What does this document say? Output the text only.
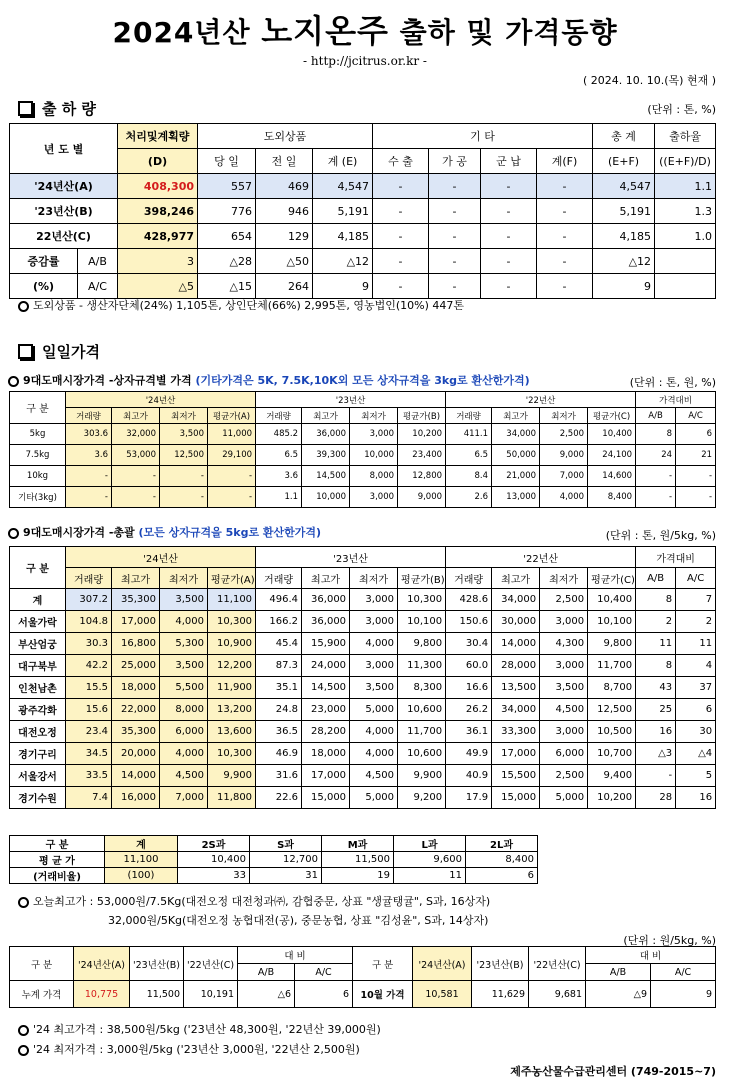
2024년산 노지온주 출하 및 가격동향
- http://jcitrus.or.kr -
( 2024. 10. 10.(목) 현재 )
출 하 량	(단위 : 톤, %)
년 도 별		처리및계획량	도외상품			기 타				총 계	출하율
		(D)	당 일	전 일	계 (E)	수 출	가 공	군 납	계(F)	(E+F)	((E+F)/D)
'24년산(A)		408,300	557	469	4,547	-	-	-	-	4,547	1.1
'23년산(B)		398,246	776	946	5,191	-	-	-	-	5,191	1.3
22년산(C)		428,977	654	129	4,185	-	-	-	-	4,185	1.0
증감률	A/B	3	△28	△50	△12	-	-	-	-	△12	
(%)	A/C	△5	△15	264	9	-	-	-	-	9	
도외상품 - 생산자단체(24%) 1,105톤, 상인단체(66%) 2,995톤, 영농법인(10%) 447톤
일일가격
9대도매시장가격 -상자규격별 가격 (기타가격은 5K, 7.5K,10K외 모든 상자규격을 3kg로 환산한가격)	(단위 : 톤, 원, %)
구 분	'24년산				'23년산				'22년산				가격대비	
	거래량	최고가	최저가	평균가(A)	거래량	최고가	최저가	평균가(B)	거래량	최고가	최저가	평균가(C)	A/B	A/C
5kg	303.6	32,000	3,500	11,000	485.2	36,000	3,000	10,200	411.1	34,000	2,500	10,400	8	6
7.5kg	3.6	53,000	12,500	29,100	6.5	39,300	10,000	23,400	6.5	50,000	9,000	24,100	24	21
10kg	-	-	-	-	3.6	14,500	8,000	12,800	8.4	21,000	7,000	14,600	-	-
기타(3kg)	-	-	-	-	1.1	10,000	3,000	9,000	2.6	13,000	4,000	8,400	-	-
9대도매시장가격 -총괄 (모든 상자규격을 5kg로 환산한가격)	(단위 : 톤, 원/5kg, %)
구 분	'24년산				'23년산				'22년산				가격대비	
	거래량	최고가	최저가	평균가(A)	거래량	최고가	최저가	평균가(B)	거래량	최고가	최저가	평균가(C)	A/B	A/C
계	307.2	35,300	3,500	11,100	496.4	36,000	3,000	10,300	428.6	34,000	2,500	10,400	8	7
서울가락	104.8	17,000	4,000	10,300	166.2	36,000	3,000	10,100	150.6	30,000	3,000	10,100	2	2
부산엄궁	30.3	16,800	5,300	10,900	45.4	15,900	4,000	9,800	30.4	14,000	4,300	9,800	11	11
대구북부	42.2	25,000	3,500	12,200	87.3	24,000	3,000	11,300	60.0	28,000	3,000	11,700	8	4
인천남촌	15.5	18,000	5,500	11,900	35.1	14,500	3,500	8,300	16.6	13,500	3,500	8,700	43	37
광주각화	15.6	22,000	8,000	13,200	24.8	23,000	5,000	10,600	26.2	34,000	4,500	12,500	25	6
대전오정	23.4	35,300	6,000	13,600	36.5	28,200	4,000	11,700	36.1	33,300	3,000	10,500	16	30
경기구리	34.5	20,000	4,000	10,300	46.9	18,000	4,000	10,600	49.9	17,000	6,000	10,700	△3	△4
서울강서	33.5	14,000	4,500	9,900	31.6	17,000	4,500	9,900	40.9	15,500	2,500	9,400	-	5
경기수원	7.4	16,000	7,000	11,800	22.6	15,000	5,000	9,200	17.9	15,000	5,000	10,200	28	16
구 분	계	2S과	S과	M과	L과	2L과
평 균 가	11,100	10,400	12,700	11,500	9,600	8,400
(거래비율)	(100)	33	31	19	11	6
오늘최고가 : 53,000원/7.5Kg(대전오정 대전청과㈜, 감협중문, 상표 "생귤탱귤", S과, 16상자)
32,000원/5Kg(대전오정 농협대전(공), 중문농협, 상표 "김성윤", S과, 14상자)
(단위 : 원/5kg, %)
구 분	'24년산(A)	'23년산(B)	'22년산(C)	대 비		구 분	'24년산(A)	'23년산(B)	'22년산(C)	대 비	
				A/B	A/C					A/B	A/C
누계 가격	10,775	11,500	10,191	△6	6	10월 가격	10,581	11,629	9,681	△9	9
'24 최고가격 : 38,500원/5kg ('23년산 48,300원, '22년산 39,000원)
'24 최저가격 : 3,000원/5kg ('23년산 3,000원, '22년산 2,500원)
제주농산물수급관리센터 (749-2015~7)
